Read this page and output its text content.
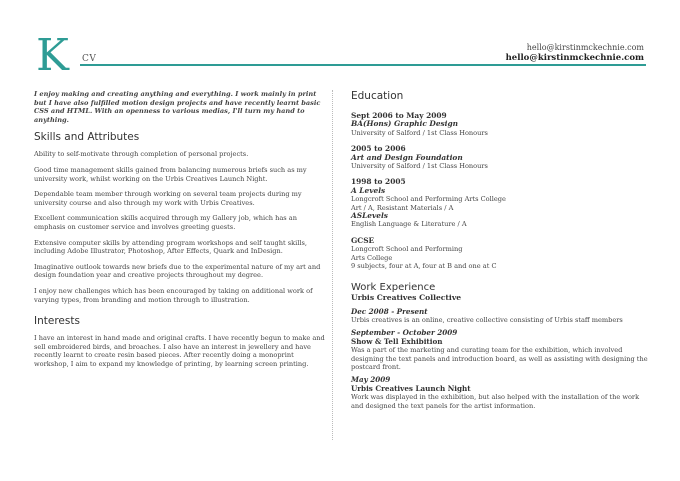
K CV
hello@kirstinmckechnie.com
hello@kirstinmckechnie.com

I enjoy making and creating anything and everything. I work mainly in print but I have also fulfilled motion design projects and have recently learnt basic CSS and HTML. With an openness to various medias, I'll turn my hand to anything.

Skills and Attributes

Ability to self-motivate through completion of personal projects.

Good time management skills gained from balancing numerous briefs such as my university work, whilst working on the Urbis Creatives Launch Night.

Dependable team member through working on several team projects during my university course and also through my work with Urbis Creatives.

Excellent communication skills acquired through my Gallery job, which has an emphasis on customer service and involves greeting guests.

Extensive computer skills by attending program workshops and self taught skills, including Adobe Illustrator, Photoshop, After Effects, Quark and InDesign.

Imaginative outlook towards new briefs due to the experimental nature of my art and design foundation year and creative projects throughout my degree.

I enjoy new challenges which has been encouraged by taking on additional work of varying types, from branding and motion through to illustration.

Interests

I have an interest in hand made and original crafts. I have recently begun to make and sell embroidered birds, and broaches. I also have an interest in jewellery and have recently learnt to create resin based pieces. After recently doing a monoprint workshop, I aim to expand my knowledge of printing, by learning screen printing.

Education
Sept 2006 to May 2009
BA(Hons) Graphic Design
University of Salford / 1st Class Honours
2005 to 2006
Art and Design Foundation
University of Salford / 1st Class Honours
1998 to 2005
A Levels
Longcroft School and Performing Arts College
Art / A, Resistant Materials / A
ASLevels
English Language & Literature / A
GCSE
Longcroft School and Performing
Arts College
9 subjects, four at A, four at B and one at C
Work Experience
Urbis Creatives Collective
Dec 2008 - Present
Urbis creatives is an online, creative collective consisting of Urbis staff members
September - October 2009
Show & Tell Exhibition
Was a part of the marketing and curating team for the exhibition, which involved designing the text panels and introduction board, as well as assisting with designing the postcard front.
May 2009
Urbis Creatives Launch Night
Work was displayed in the exhibition, but also helped with the installation of the work and designed the text panels for the artist information.
